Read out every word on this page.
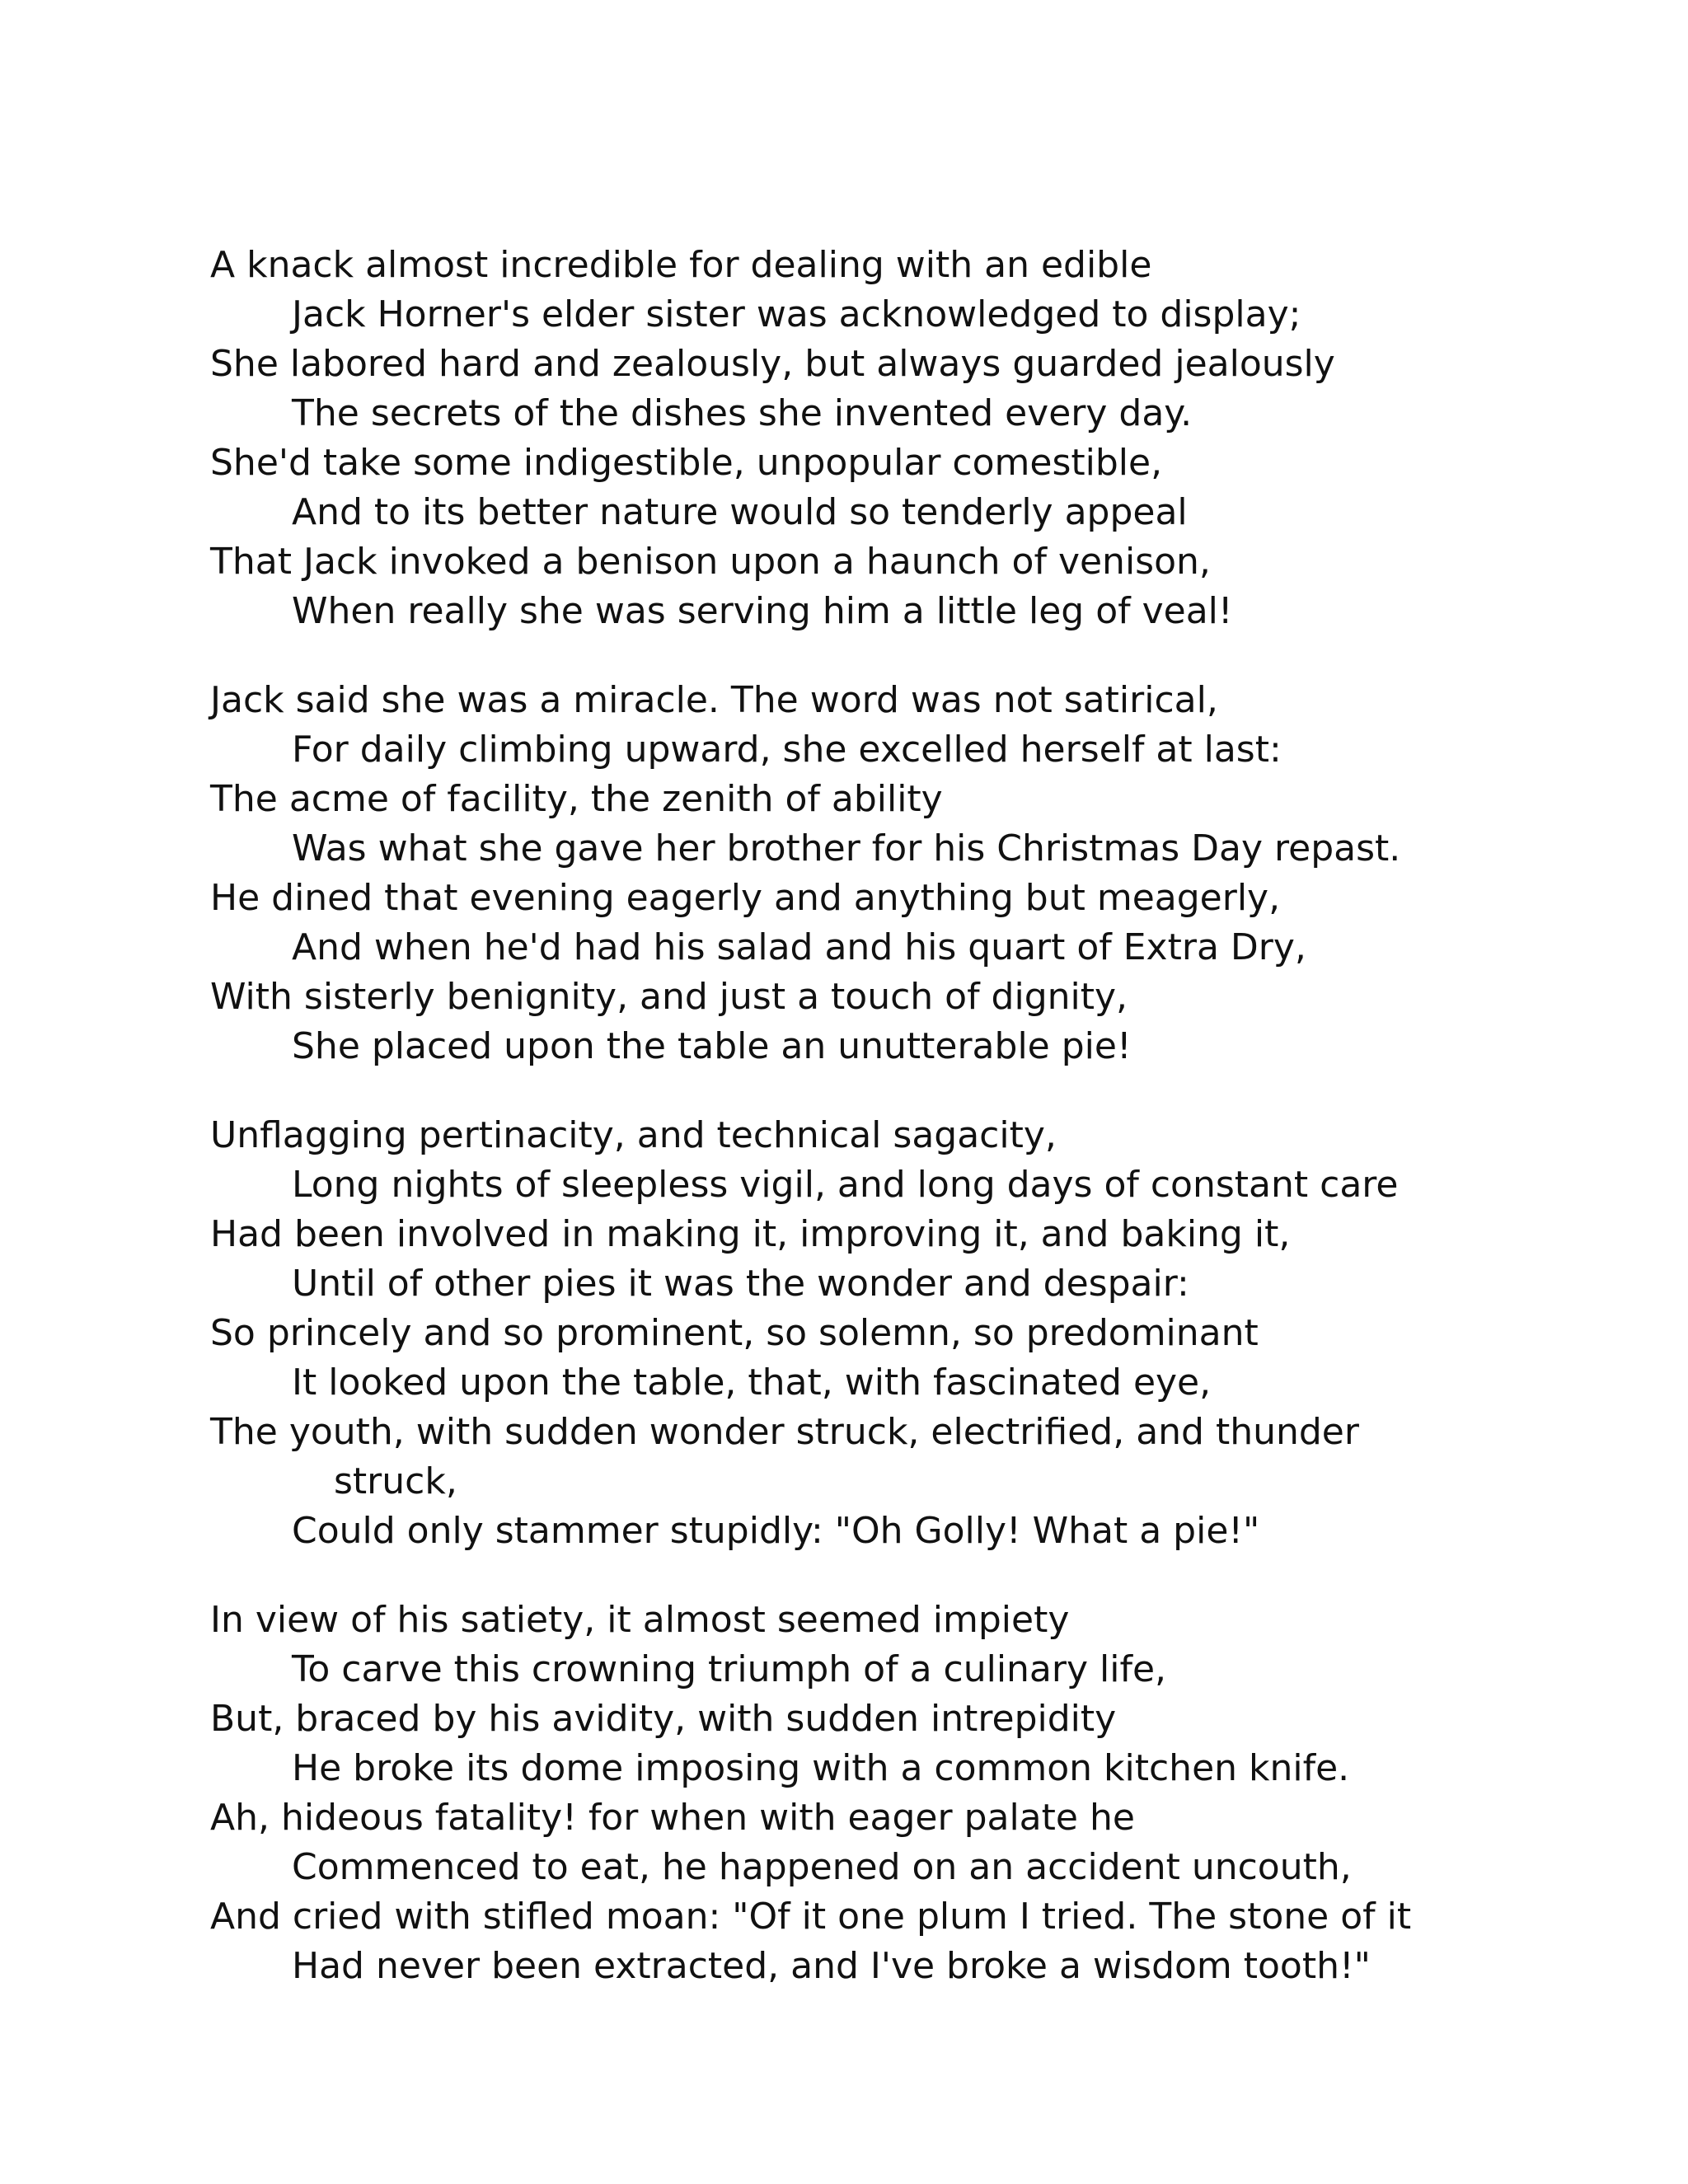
A knack almost incredible for dealing with an edible
Jack Horner's elder sister was acknowledged to display;
She labored hard and zealously, but always guarded jealously
The secrets of the dishes she invented every day.
She'd take some indigestible, unpopular comestible,
And to its better nature would so tenderly appeal
That Jack invoked a benison upon a haunch of venison,
When really she was serving him a little leg of veal!
Jack said she was a miracle. The word was not satirical,
For daily climbing upward, she excelled herself at last:
The acme of facility, the zenith of ability
Was what she gave her brother for his Christmas Day repast.
He dined that evening eagerly and anything but meagerly,
And when he'd had his salad and his quart of Extra Dry,
With sisterly benignity, and just a touch of dignity,
She placed upon the table an unutterable pie!
Unflagging pertinacity, and technical sagacity,
Long nights of sleepless vigil, and long days of constant care
Had been involved in making it, improving it, and baking it,
Until of other pies it was the wonder and despair:
So princely and so prominent, so solemn, so predominant
It looked upon the table, that, with fascinated eye,
The youth, with sudden wonder struck, electrified, and thunder
struck,
Could only stammer stupidly: "Oh Golly! What a pie!"
In view of his satiety, it almost seemed impiety
To carve this crowning triumph of a culinary life,
But, braced by his avidity, with sudden intrepidity
He broke its dome imposing with a common kitchen knife.
Ah, hideous fatality! for when with eager palate he
Commenced to eat, he happened on an accident uncouth,
And cried with stifled moan: "Of it one plum I tried. The stone of it
Had never been extracted, and I've broke a wisdom tooth!"
